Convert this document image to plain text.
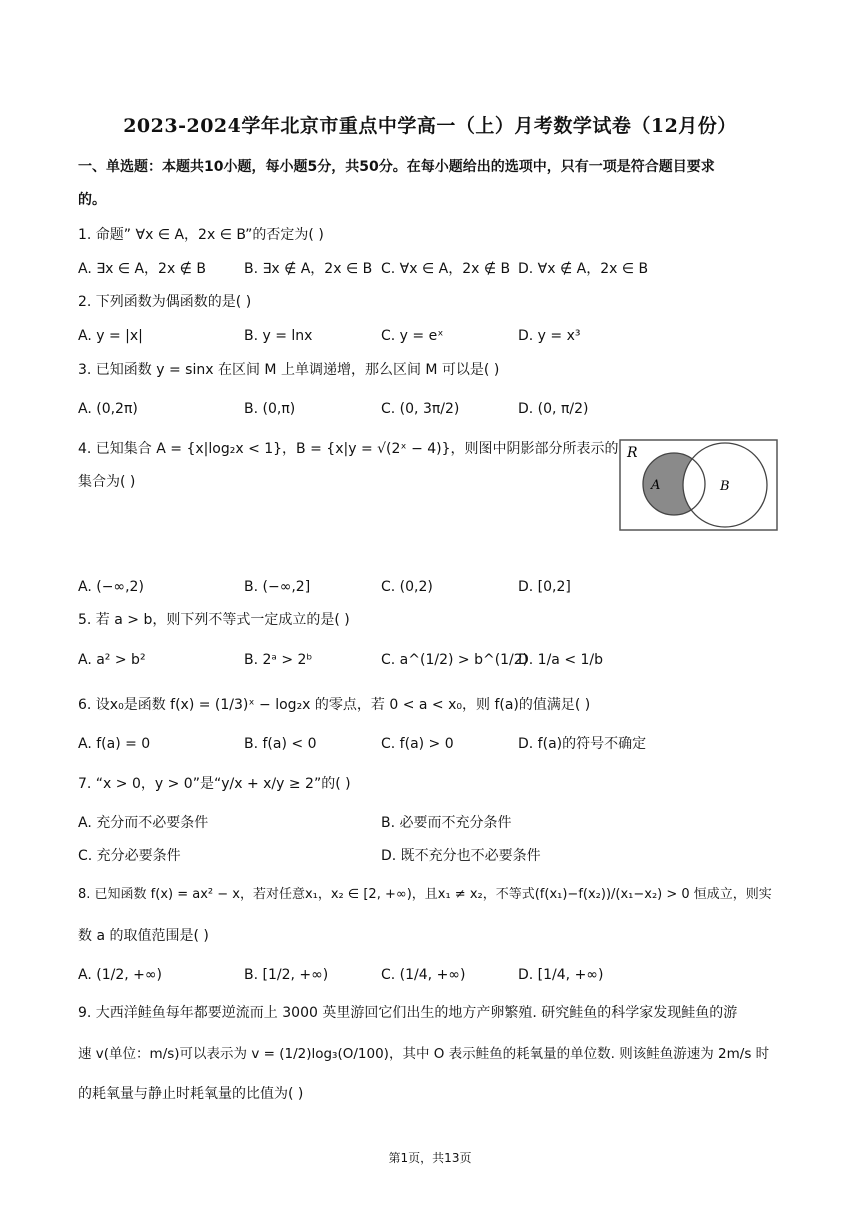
2023-2024学年北京市重点中学高一（上）月考数学试卷（12月份）
一、单选题：本题共10小题，每小题5分，共50分。在每小题给出的选项中，只有一项是符合题目要求
的。
1. 命题” ∀x ∈ A，2x ∈ B”的否定为( )
A. ∃x ∈ A，2x ∉ B	B. ∃x ∉ A，2x ∈ B C. ∀x ∈ A，2x ∉ B D. ∀x ∉ A，2x ∈ B
2. 下列函数为偶函数的是( )
A. y = |x|	B. y = lnx	C. y = eˣ	D. y = x³
3. 已知函数 y = sinx 在区间 M 上单调递增，那么区间 M 可以是( )
A. (0,2π)	B. (0,π)	C. (0, 3π/2)	D. (0, π/2)
4. 已知集合 A = {x|log₂x < 1}，B = {x|y = √(2ˣ − 4)}，则图中阴影部分所表示的
集合为( )
R
A	B
A. (−∞,2)	B. (−∞,2]	C. (0,2)	D. [0,2]
5. 若 a > b，则下列不等式一定成立的是( )
A. a² > b²	B. 2ᵃ > 2ᵇ	C. a^(1/2) > b^(1/2)
D. 1/a < 1/b
6. 设x₀是函数 f(x) = (1/3)ˣ − log₂x 的零点，若 0 < a < x₀，则 f(a)的值满足( )
A. f(a) = 0	B. f(a) < 0	C. f(a) > 0	D. f(a)的符号不确定
7. “x > 0，y > 0”是“y/x + x/y ≥ 2”的( )
A. 充分而不必要条件	B. 必要而不充分条件
C. 充分必要条件	D. 既不充分也不必要条件
8. 已知函数 f(x) = ax² − x，若对任意x₁，x₂ ∈ [2, +∞)，且x₁ ≠ x₂，不等式(f(x₁)−f(x₂))/(x₁−x₂) > 0 恒成立，则实
数 a 的取值范围是( )
A. (1/2, +∞)	B. [1/2, +∞)	C. (1/4, +∞)	D. [1/4, +∞)
9. 大西洋鲑鱼每年都要逆流而上 3000 英里游回它们出生的地方产卵繁殖. 研究鲑鱼的科学家发现鲑鱼的游
速 v(单位：m/s)可以表示为 v = (1/2)log₃(O/100)，其中 O 表示鲑鱼的耗氧量的单位数. 则该鲑鱼游速为 2m/s 时
的耗氧量与静止时耗氧量的比值为( )
第1页，共13页
